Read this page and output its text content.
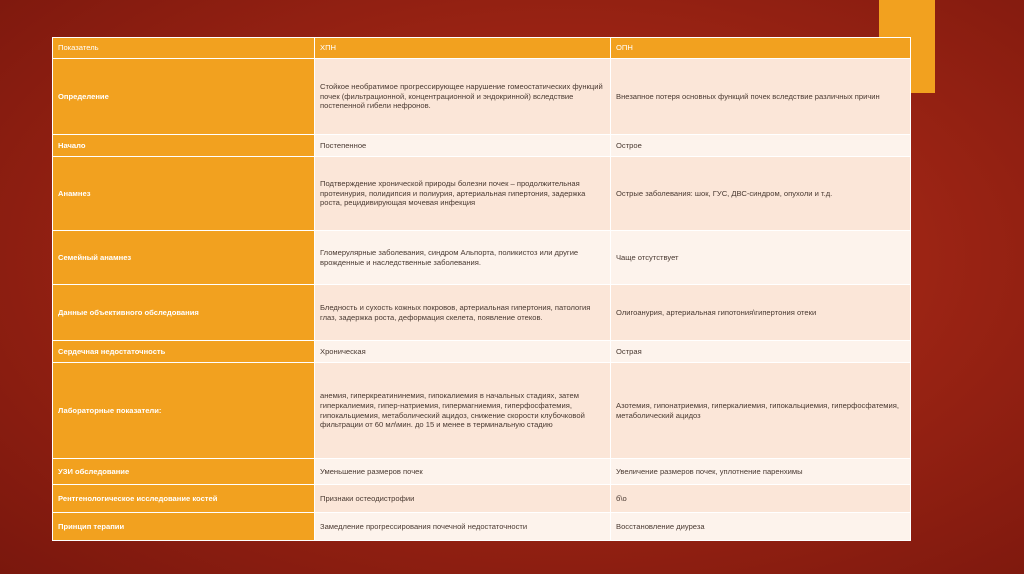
Показатель	ХПН	ОПН
Определение	Стойкое необратимое прогрессирующее нарушение гомеостатических функций почек (фильтрационной, концентрационной и эндокринной) вследствие постепенной гибели нефронов.	Внезапное потеря основных функций почек вследствие различных причин
Начало	Постепенное	Острое
Анамнез	Подтверждение хронической природы болезни почек – продолжительная протеинурия, полидипсия и полиурия, артериальная гипертония, задержка роста, рецидивирующая мочевая инфекция	Острые заболевания: шок, ГУС, ДВС-синдром, опухоли и т.д.
Семейный анамнез	Гломерулярные заболевания, синдром Альпорта, поликистоз или другие врожденные и наследственные заболевания.	Чаще отсутствует
Данные объективного обследования	Бледность и сухость кожных покровов, артериальная гипертония, патология глаз, задержка роста, деформация скелета, появление отеков.	Олигоанурия, артериальная гипотония\гипертония отеки
Сердечная недостаточность	Хроническая	Острая
Лабораторные показатели:	анемия, гиперкреатининемия, гипокалиемия в начальных стадиях, затем гиперкалиемия, гипер-натриемия, гипермагниемия, гиперфосфатемия, гипокальциемия, метаболический ацидоз, снижение скорости клубочковой фильтрации от 60 мл\мин. до 15 и менее в терминальную стадию	Азотемия, гипонатриемия, гиперкалиемия, гипокальциемия, гиперфосфатемия, метаболический ацидоз
УЗИ обследование	Уменьшение размеров почек	Увеличение размеров почек, уплотнение паренхимы
Рентгенологическое исследование костей	Признаки остеодистрофии	б\о
Принцип терапии	Замедление прогрессирования почечной недостаточности	Восстановление диуреза
